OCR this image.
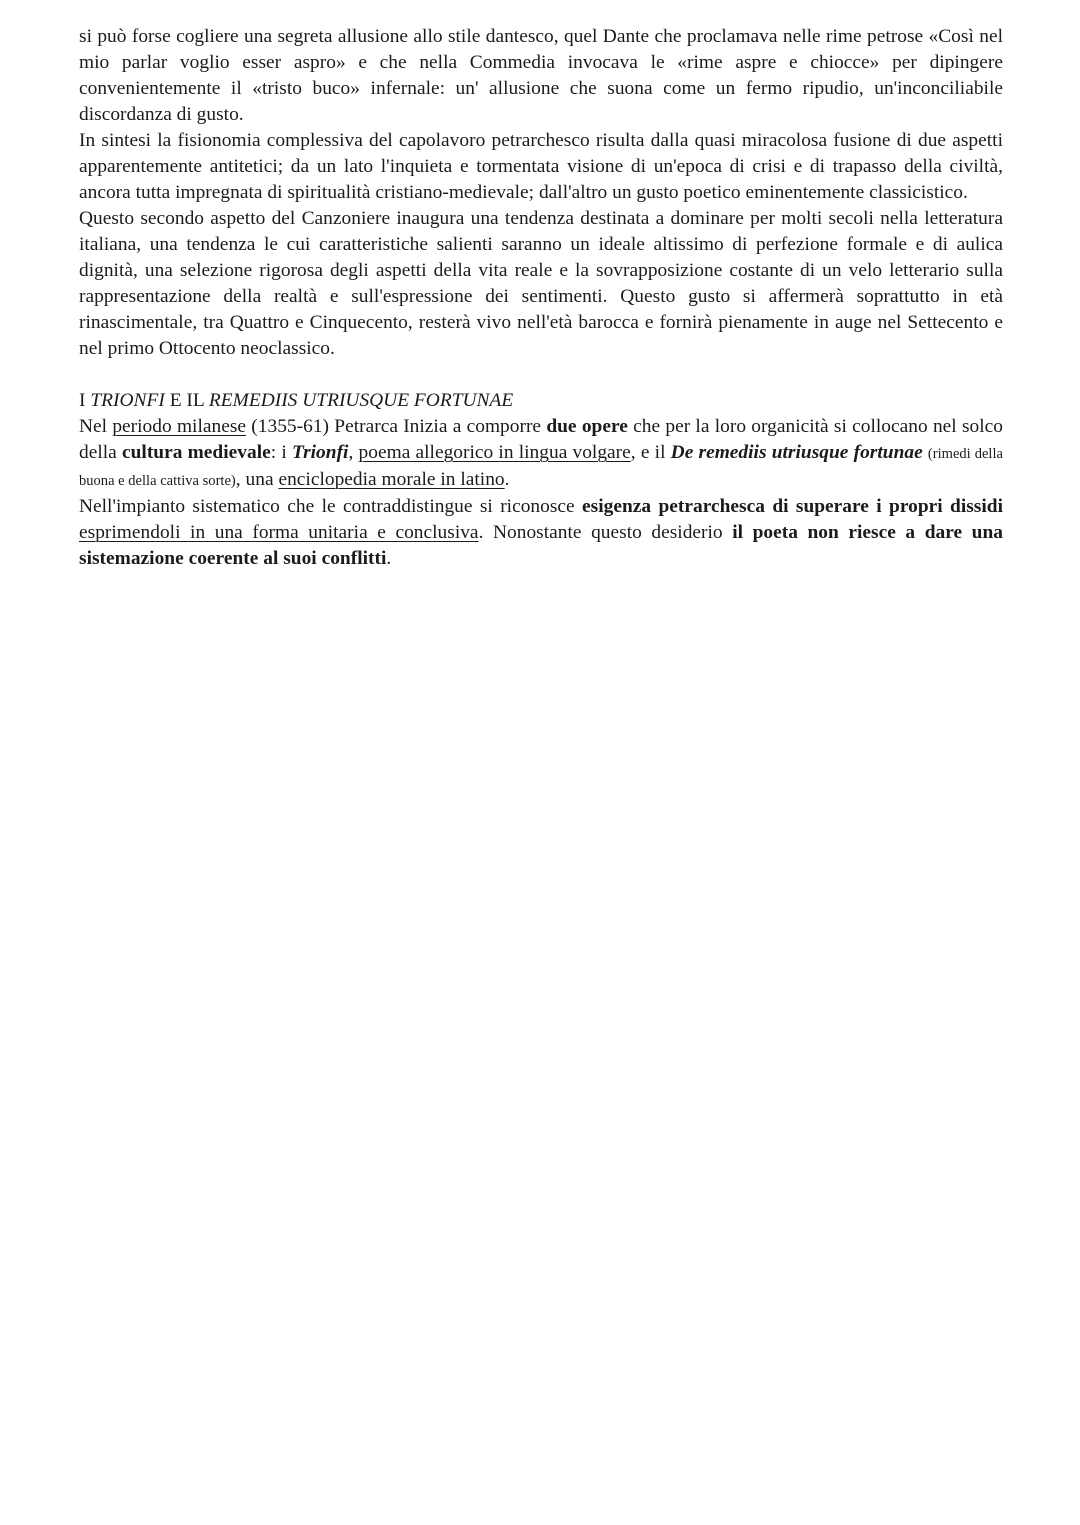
si può forse cogliere una segreta allusione allo stile dantesco, quel Dante che proclamava nelle rime petrose «Così nel mio parlar voglio esser aspro» e che nella Commedia invocava le «rime aspre e chiocce» per dipingere convenientemente il «tristo buco» infernale: un' allusione che suona come un fermo ripudio, un'inconciliabile discordanza di gusto.

In sintesi la fisionomia complessiva del capolavoro petrarchesco risulta dalla quasi miracolosa fusione di due aspetti apparentemente antitetici; da un lato l'inquieta e tormentata visione di un'epoca di crisi e di trapasso della civiltà, ancora tutta impregnata di spiritualità cristiano-medievale; dall'altro un gusto poetico eminentemente classicistico.

Questo secondo aspetto del Canzoniere inaugura una tendenza destinata a dominare per molti secoli nella letteratura italiana, una tendenza le cui caratteristiche salienti saranno un ideale altissimo di perfezione formale e di aulica dignità, una selezione rigorosa degli aspetti della vita reale e la sovrapposizione costante di un velo letterario sulla rappresentazione della realtà e sull'espressione dei sentimenti. Questo gusto si affermerà soprattutto in età rinascimentale, tra Quattro e Cinquecento, resterà vivo nell'età barocca e fornirà pienamente in auge nel Settecento e nel primo Ottocento neoclassico.

I TRIONFI E IL REMEDIIS UTRIUSQUE FORTUNAE

Nel periodo milanese (1355-61) Petrarca Inizia a comporre due opere che per la loro organicità si collocano nel solco della cultura medievale: i Trionfi, poema allegorico in lingua volgare, e il De remediis utriusque fortunae (rimedi della buona e della cattiva sorte), una enciclopedia morale in latino.

Nell'impianto sistematico che le contraddistingue si riconosce esigenza petrarchesca di superare i propri dissidi esprimendoli in una forma unitaria e conclusiva. Nonostante questo desiderio il poeta non riesce a dare una sistemazione coerente al suoi conflitti.
